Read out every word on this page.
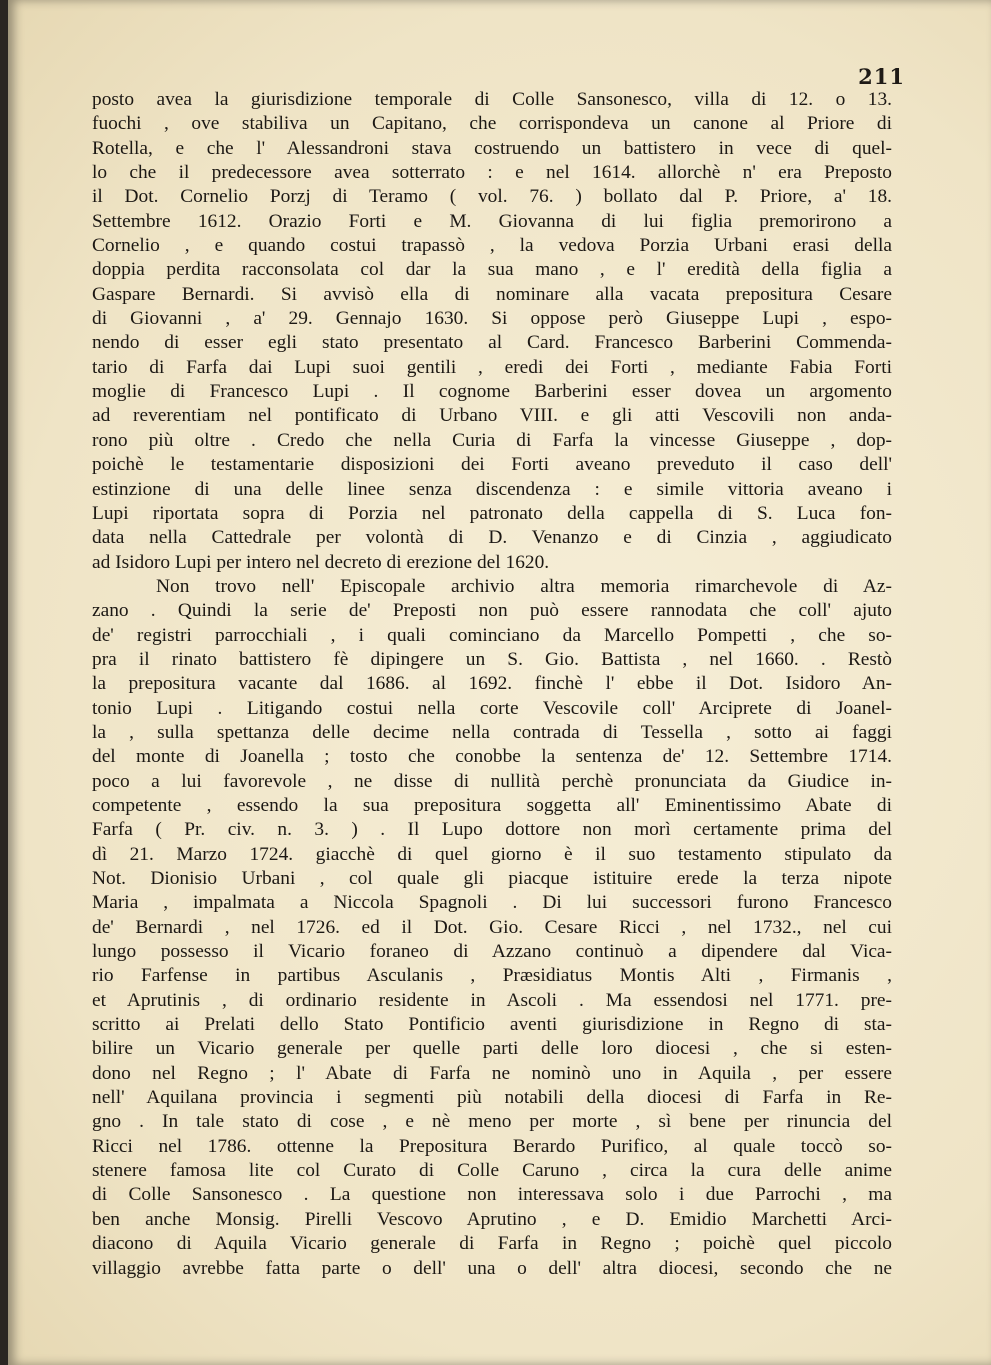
211
posto avea la giurisdizione temporale di Colle Sansonesco, villa di 12. o 13.
fuochi , ove stabiliva un Capitano, che corrispondeva un canone al Priore di
Rotella, e che l' Alessandroni stava costruendo un battistero in vece di quel-
lo che il predecessore avea sotterrato : e nel 1614. allorchè n' era Preposto
il Dot. Cornelio Porzj di Teramo ( vol. 76. ) bollato dal P. Priore, a' 18.
Settembre 1612. Orazio Forti e M. Giovanna di lui figlia premorirono a
Cornelio , e quando costui trapassò , la vedova Porzia Urbani erasi della
doppia perdita racconsolata col dar la sua mano , e l' eredità della figlia a
Gaspare Bernardi. Si avvisò ella di nominare alla vacata prepositura Cesare
di Giovanni , a' 29. Gennajo 1630. Si oppose però Giuseppe Lupi , espo-
nendo di esser egli stato presentato al Card. Francesco Barberini Commenda-
tario di Farfa dai Lupi suoi gentili , eredi dei Forti , mediante Fabia Forti
moglie di Francesco Lupi . Il cognome Barberini esser dovea un argomento
ad reverentiam nel pontificato di Urbano VIII. e gli atti Vescovili non anda-
rono più oltre . Credo che nella Curia di Farfa la vincesse Giuseppe , dop-
poichè le testamentarie disposizioni dei Forti aveano preveduto il caso dell'
estinzione di una delle linee senza discendenza : e simile vittoria aveano i
Lupi riportata sopra di Porzia nel patronato della cappella di S. Luca fon-
data nella Cattedrale per volontà di D. Venanzo e di Cinzia , aggiudicato
ad Isidoro Lupi per intero nel decreto di erezione del 1620.
Non trovo nell' Episcopale archivio altra memoria rimarchevole di Az-
zano . Quindi la serie de' Preposti non può essere rannodata che coll' ajuto
de' registri parrocchiali , i quali cominciano da Marcello Pompetti , che so-
pra il rinato battistero fè dipingere un S. Gio. Battista , nel 1660. . Restò
la prepositura vacante dal 1686. al 1692. finchè l' ebbe il Dot. Isidoro An-
tonio Lupi . Litigando costui nella corte Vescovile coll' Arciprete di Joanel-
la , sulla spettanza delle decime nella contrada di Tessella , sotto ai faggi
del monte di Joanella ; tosto che conobbe la sentenza de' 12. Settembre 1714.
poco a lui favorevole , ne disse di nullità perchè pronunciata da Giudice in-
competente , essendo la sua prepositura soggetta all' Eminentissimo Abate di
Farfa ( Pr. civ. n. 3. ) . Il Lupo dottore non morì certamente prima del
dì 21. Marzo 1724. giacchè di quel giorno è il suo testamento stipulato da
Not. Dionisio Urbani , col quale gli piacque istituire erede la terza nipote
Maria , impalmata a Niccola Spagnoli . Di lui successori furono Francesco
de' Bernardi , nel 1726. ed il Dot. Gio. Cesare Ricci , nel 1732., nel cui
lungo possesso il Vicario foraneo di Azzano continuò a dipendere dal Vica-
rio Farfense in partibus Asculanis , Præsidiatus Montis Alti , Firmanis ,
et Aprutinis , di ordinario residente in Ascoli . Ma essendosi nel 1771. pre-
scritto ai Prelati dello Stato Pontificio aventi giurisdizione in Regno di sta-
bilire un Vicario generale per quelle parti delle loro diocesi , che si esten-
dono nel Regno ; l' Abate di Farfa ne nominò uno in Aquila , per essere
nell' Aquilana provincia i segmenti più notabili della diocesi di Farfa in Re-
gno . In tale stato di cose , e nè meno per morte , sì bene per rinuncia del
Ricci nel 1786. ottenne la Prepositura Berardo Purifico, al quale toccò so-
stenere famosa lite col Curato di Colle Caruno , circa la cura delle anime
di Colle Sansonesco . La questione non interessava solo i due Parrochi , ma
ben anche Monsig. Pirelli Vescovo Aprutino , e D. Emidio Marchetti Arci-
diacono di Aquila Vicario generale di Farfa in Regno ; poichè quel piccolo
villaggio avrebbe fatta parte o dell' una o dell' altra diocesi, secondo che ne
